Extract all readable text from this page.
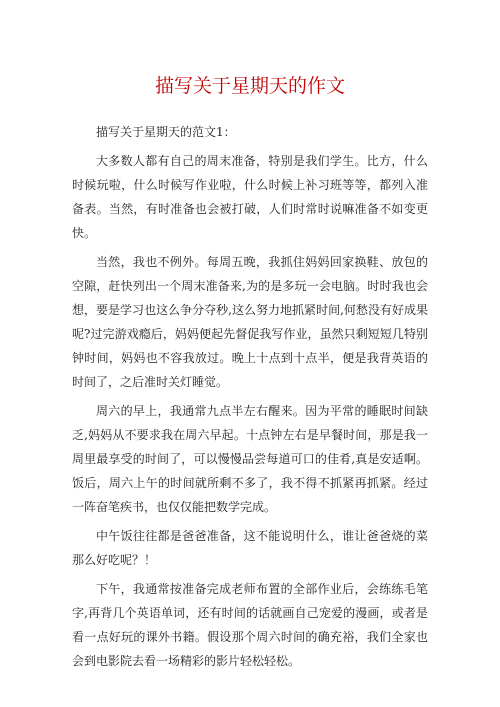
描写关于星期天的作文

描写关于星期天的范文1：

大多数人都有自己的周末准备，特别是我们学生。比方，什么时候玩啦，什么时候写作业啦，什么时候上补习班等等，都列入准备表。当然，有时准备也会被打破，人们时常时说嘛准备不如变更快。

当然，我也不例外。每周五晚，我抓住妈妈回家换鞋、放包的空隙，赶快列出一个周末准备来,为的是多玩一会电脑。时时我也会想，要是学习也这么争分夺秒,这么努力地抓紧时间,何愁没有好成果呢?过完游戏瘾后，妈妈便起先督促我写作业，虽然只剩短短几特别钟时间，妈妈也不容我放过。晚上十点到十点半，便是我背英语的时间了，之后准时关灯睡觉。

周六的早上，我通常九点半左右醒来。因为平常的睡眠时间缺乏,妈妈从不要求我在周六早起。十点钟左右是早餐时间，那是我一周里最享受的时间了，可以慢慢品尝每道可口的佳肴,真是安适啊。饭后，周六上午的时间就所剩不多了，我不得不抓紧再抓紧。经过一阵奋笔疾书，也仅仅能把数学完成。

中午饭往往都是爸爸准备，这不能说明什么，谁让爸爸烧的菜那么好吃呢？！

下午，我通常按准备完成老师布置的全部作业后，会练练毛笔字,再背几个英语单词，还有时间的话就画自己宠爱的漫画，或者是看一点好玩的课外书籍。假设那个周六时间的确充裕，我们全家也会到电影院去看一场精彩的影片轻松轻松。
